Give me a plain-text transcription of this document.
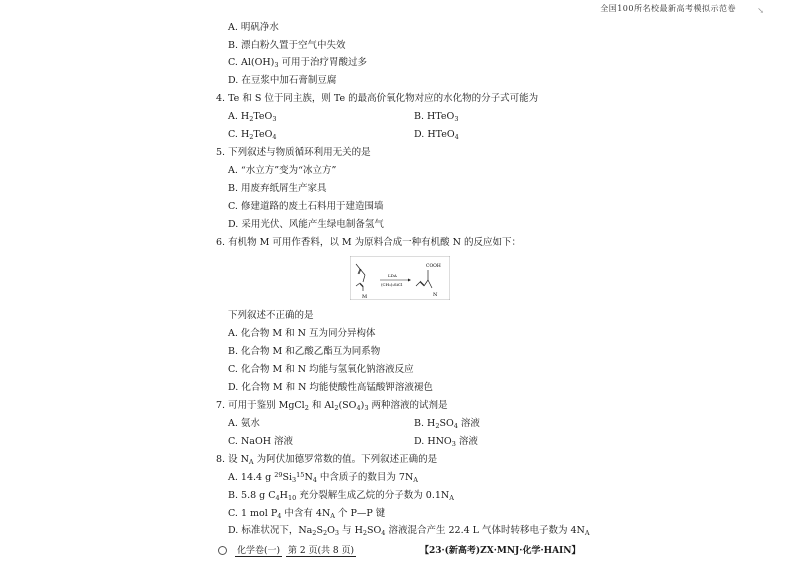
全国100所名校最新高考模拟示范卷	↘
A. 明矾净水
B. 漂白粉久置于空气中失效
C. $Al(OH)_3$ 可用于治疗胃酸过多
D. 在豆浆中加石膏制豆腐
4. Te 和 S 位于同主族，则 Te 的最高价氧化物对应的水化物的分子式可能为
A. $H_2TeO_3$	B. HTeO$_3$
C. $H_2TeO_4$	D. HTeO$_4$
5. 下列叙述与物质循环利用无关的是
A. “水立方”变为“冰立方”
B. 用废弃纸屑生产家具
C. 修建道路的废土石料用于建造围墙
D. 采用光伏、风能产生绿电制备氢气
6. 有机物 M 可用作香料，以 M 为原料合成一种有机酸 N 的反应如下：
M
LDA
(CH₃)₃SiCl
COOH
N
下列叙述不正确的是
A. 化合物 M 和 N 互为同分异构体
B. 化合物 M 和乙酸乙酯互为同系物
C. 化合物 M 和 N 均能与氢氧化钠溶液反应
D. 化合物 M 和 N 均能使酸性高锰酸钾溶液褪色
7. 可用于鉴别 MgCl$_2$ 和 $Al_2(SO_4)_3$ 两种溶液的试剂是
A. 氨水	B. $H_2SO_4$ 溶液
C. NaOH 溶液	D. $HNO_3$ 溶液
8. 设 $N_A$ 为阿伏加德罗常数的值。下列叙述正确的是
A. 14.4 g $^{29}Si_3^{15}N_4$ 中含质子的数目为 $7N_A$
B. 5.8 g $C_4H_{10}$ 充分裂解生成乙烷的分子数为 $0.1N_A$
C. 1 mol $P_4$ 中含有 $4N_A$ 个 P—P 键
D. 标准状况下，$Na_2S_2O_3$ 与 $H_2SO_4$ 溶液混合产生 22.4 L 气体时转移电子数为 $4N_A$
化学卷(一) 第 2 页(共 8 页)	【23·(新高考)ZX·MNJ·化学·HAIN】
